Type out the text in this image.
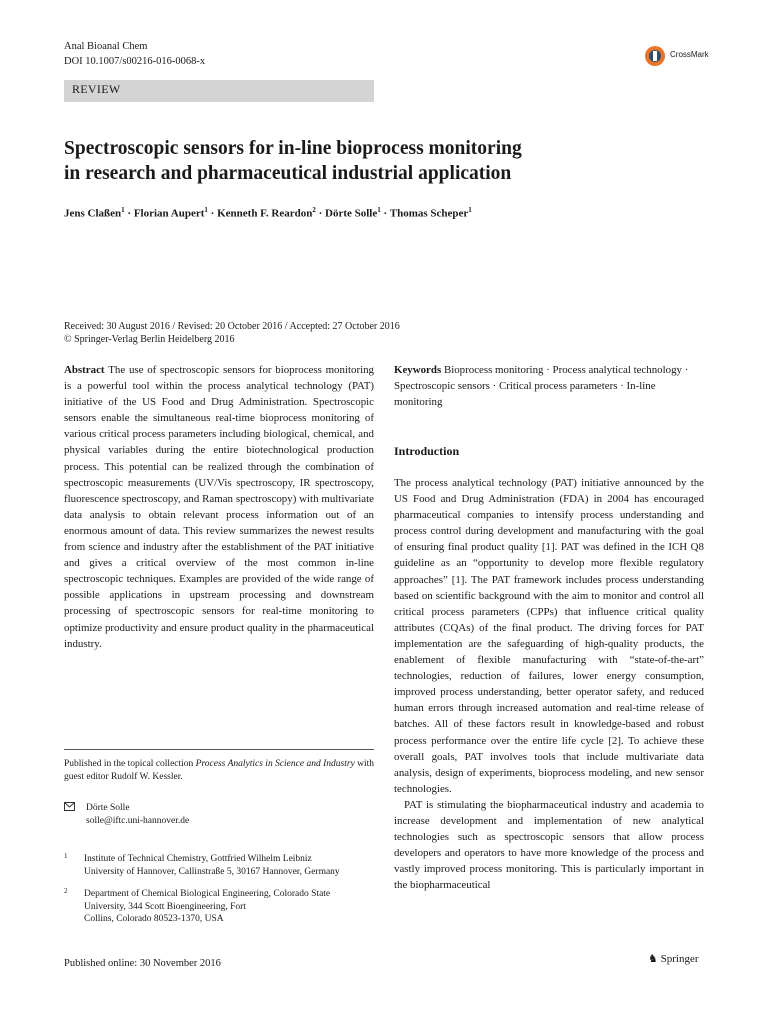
Anal Bioanal Chem
DOI 10.1007/s00216-016-0068-x
CrossMark
REVIEW
Spectroscopic sensors for in-line bioprocess monitoring
in research and pharmaceutical industrial application
Jens Claßen$^1$ · Florian Aupert$^1$ · Kenneth F. Reardon$^2$ · Dörte Solle$^1$ · Thomas Scheper$^1$
Received: 30 August 2016 / Revised: 20 October 2016 / Accepted: 27 October 2016
© Springer-Verlag Berlin Heidelberg 2016
Abstract The use of spectroscopic sensors for bioprocess monitoring is a powerful tool within the process analytical technology (PAT) initiative of the US Food and Drug Administration. Spectroscopic sensors enable the simultaneous real-time bioprocess monitoring of various critical process parameters including biological, chemical, and physical variables during the entire biotechnological production process. This potential can be realized through the combination of spectroscopic measurements (UV/Vis spectroscopy, IR spectroscopy, fluorescence spectroscopy, and Raman spectroscopy) with multivariate data analysis to obtain relevant process information out of an enormous amount of data. This review summarizes the newest results from science and industry after the establishment of the PAT initiative and gives a critical overview of the most common in-line spectroscopic techniques. Examples are provided of the wide range of possible applications in upstream processing and downstream processing of spectroscopic sensors for real-time monitoring to optimize productivity and ensure product quality in the pharmaceutical industry.
Published in the topical collection Process Analytics in Science and Industry with guest editor Rudolf W. Kessler.
Dörte Solle
solle@iftc.uni-hannover.de
1 Institute of Technical Chemistry, Gottfried Wilhelm Leibniz
University of Hannover, Callinstraße 5, 30167 Hannover, Germany
2 Department of Chemical Biological Engineering, Colorado State
University, 344 Scott Bioengineering, Fort
Collins, Colorado 80523-1370, USA
Published online: 30 November 2016
Keywords Bioprocess monitoring · Process analytical technology · Spectroscopic sensors · Critical process parameters · In-line monitoring
Introduction
The process analytical technology (PAT) initiative announced by the US Food and Drug Administration (FDA) in 2004 has encouraged pharmaceutical companies to intensify process understanding and process control during development and manufacturing with the goal of ensuring final product quality [1]. PAT was defined in the ICH Q8 guideline as an “opportunity to develop more flexible regulatory approaches” [1]. The PAT framework includes process understanding based on scientific background with the aim to monitor and control all critical process parameters (CPPs) that influence critical quality attributes (CQAs) of the final product. The driving forces for PAT implementation are the safeguarding of high-quality products, the enablement of flexible manufacturing with “state-of-the-art” technologies, reduction of failures, lower energy consumption, improved process understanding, better operator safety, and reduced human errors through increased automation and real-time release of batches. All of these factors result in knowledge-based and robust process performance over the entire life cycle [2]. To achieve these overall goals, PAT involves tools that include multivariate data analysis, design of experiments, bioprocess modeling, and new sensor technologies.
PAT is stimulating the biopharmaceutical industry and academia to increase development and implementation of new analytical technologies such as spectroscopic sensors that allow process developers and operators to have more knowledge of the process and vastly improved process monitoring. This is particularly important in the biopharmaceutical
♞ Springer
